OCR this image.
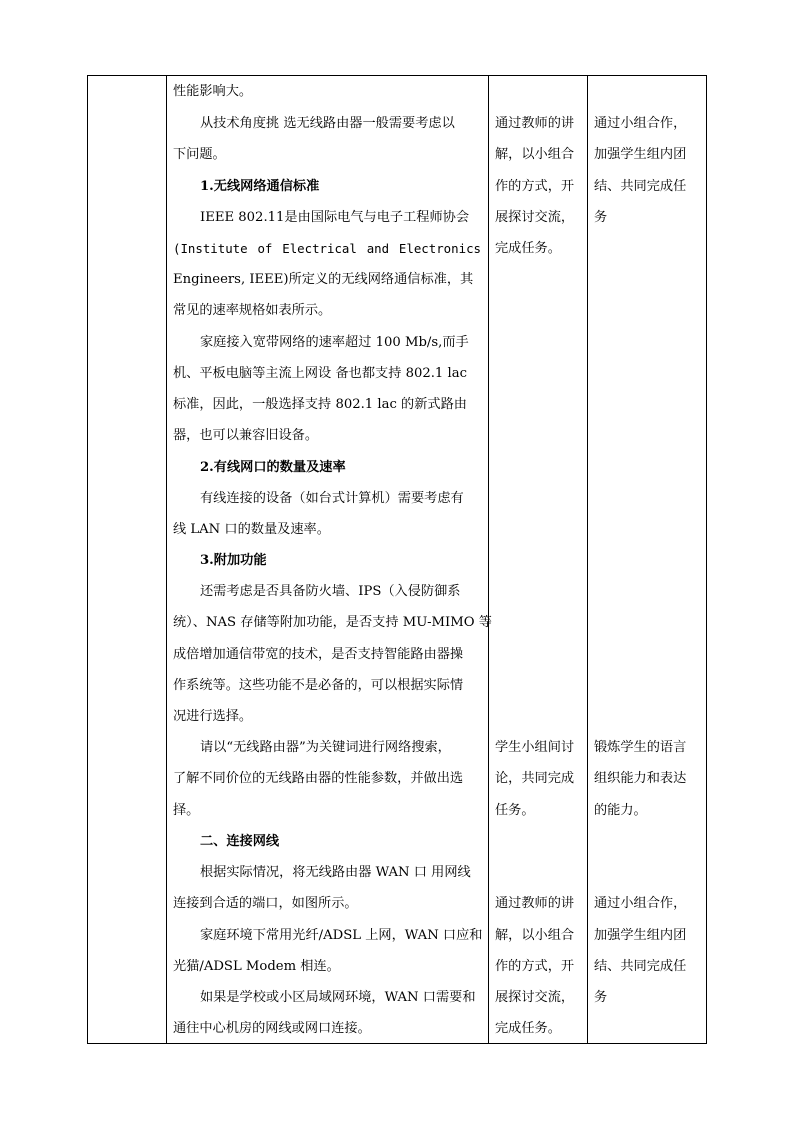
性能影响大。
从技术角度挑 选无线路由器一般需要考虑以
下问题。
1.无线网络通信标准
IEEE 802.11是由国际电气与电子工程师协会
(Institute of Electrical and Electronics
Engineers, IEEE)所定义的无线网络通信标准，其
常见的速率规格如表所示。
家庭接入宽带网络的速率超过 100 Mb/s,而手
机、平板电脑等主流上网设 备也都支持 802.1 lac
标准，因此，一般选择支持 802.1 lac 的新式路由
器，也可以兼容旧设备。
2.有线网口的数量及速率
有线连接的设备（如台式计算机）需要考虑有
线 LAN 口的数量及速率。
3.附加功能
还需考虑是否具备防火墙、IPS（入侵防御系
统）、NAS 存储等附加功能，是否支持 MU-MIMO 等
成倍增加通信带宽的技术，是否支持智能路由器操
作系统等。这些功能不是必备的，可以根据实际情
况进行选择。
请以“无线路由器”为关键词进行网络搜索，
了解不同价位的无线路由器的性能参数，并做出选
择。
二、连接网线
根据实际情况，将无线路由器 WAN 口 用网线
连接到合适的端口，如图所示。
家庭环境下常用光纤/ADSL 上网，WAN 口应和
光猫/ADSL Modem 相连。
如果是学校或小区局域网环境，WAN 口需要和
通往中心机房的网线或网口连接。
通过教师的讲
解，以小组合
作的方式，开
展探讨交流，
完成任务。
学生小组间讨
论，共同完成
任务。
通过教师的讲
解，以小组合
作的方式，开
展探讨交流，
完成任务。
通过小组合作，
加强学生组内团
结、共同完成任
务
锻炼学生的语言
组织能力和表达
的能力。
通过小组合作，
加强学生组内团
结、共同完成任
务
